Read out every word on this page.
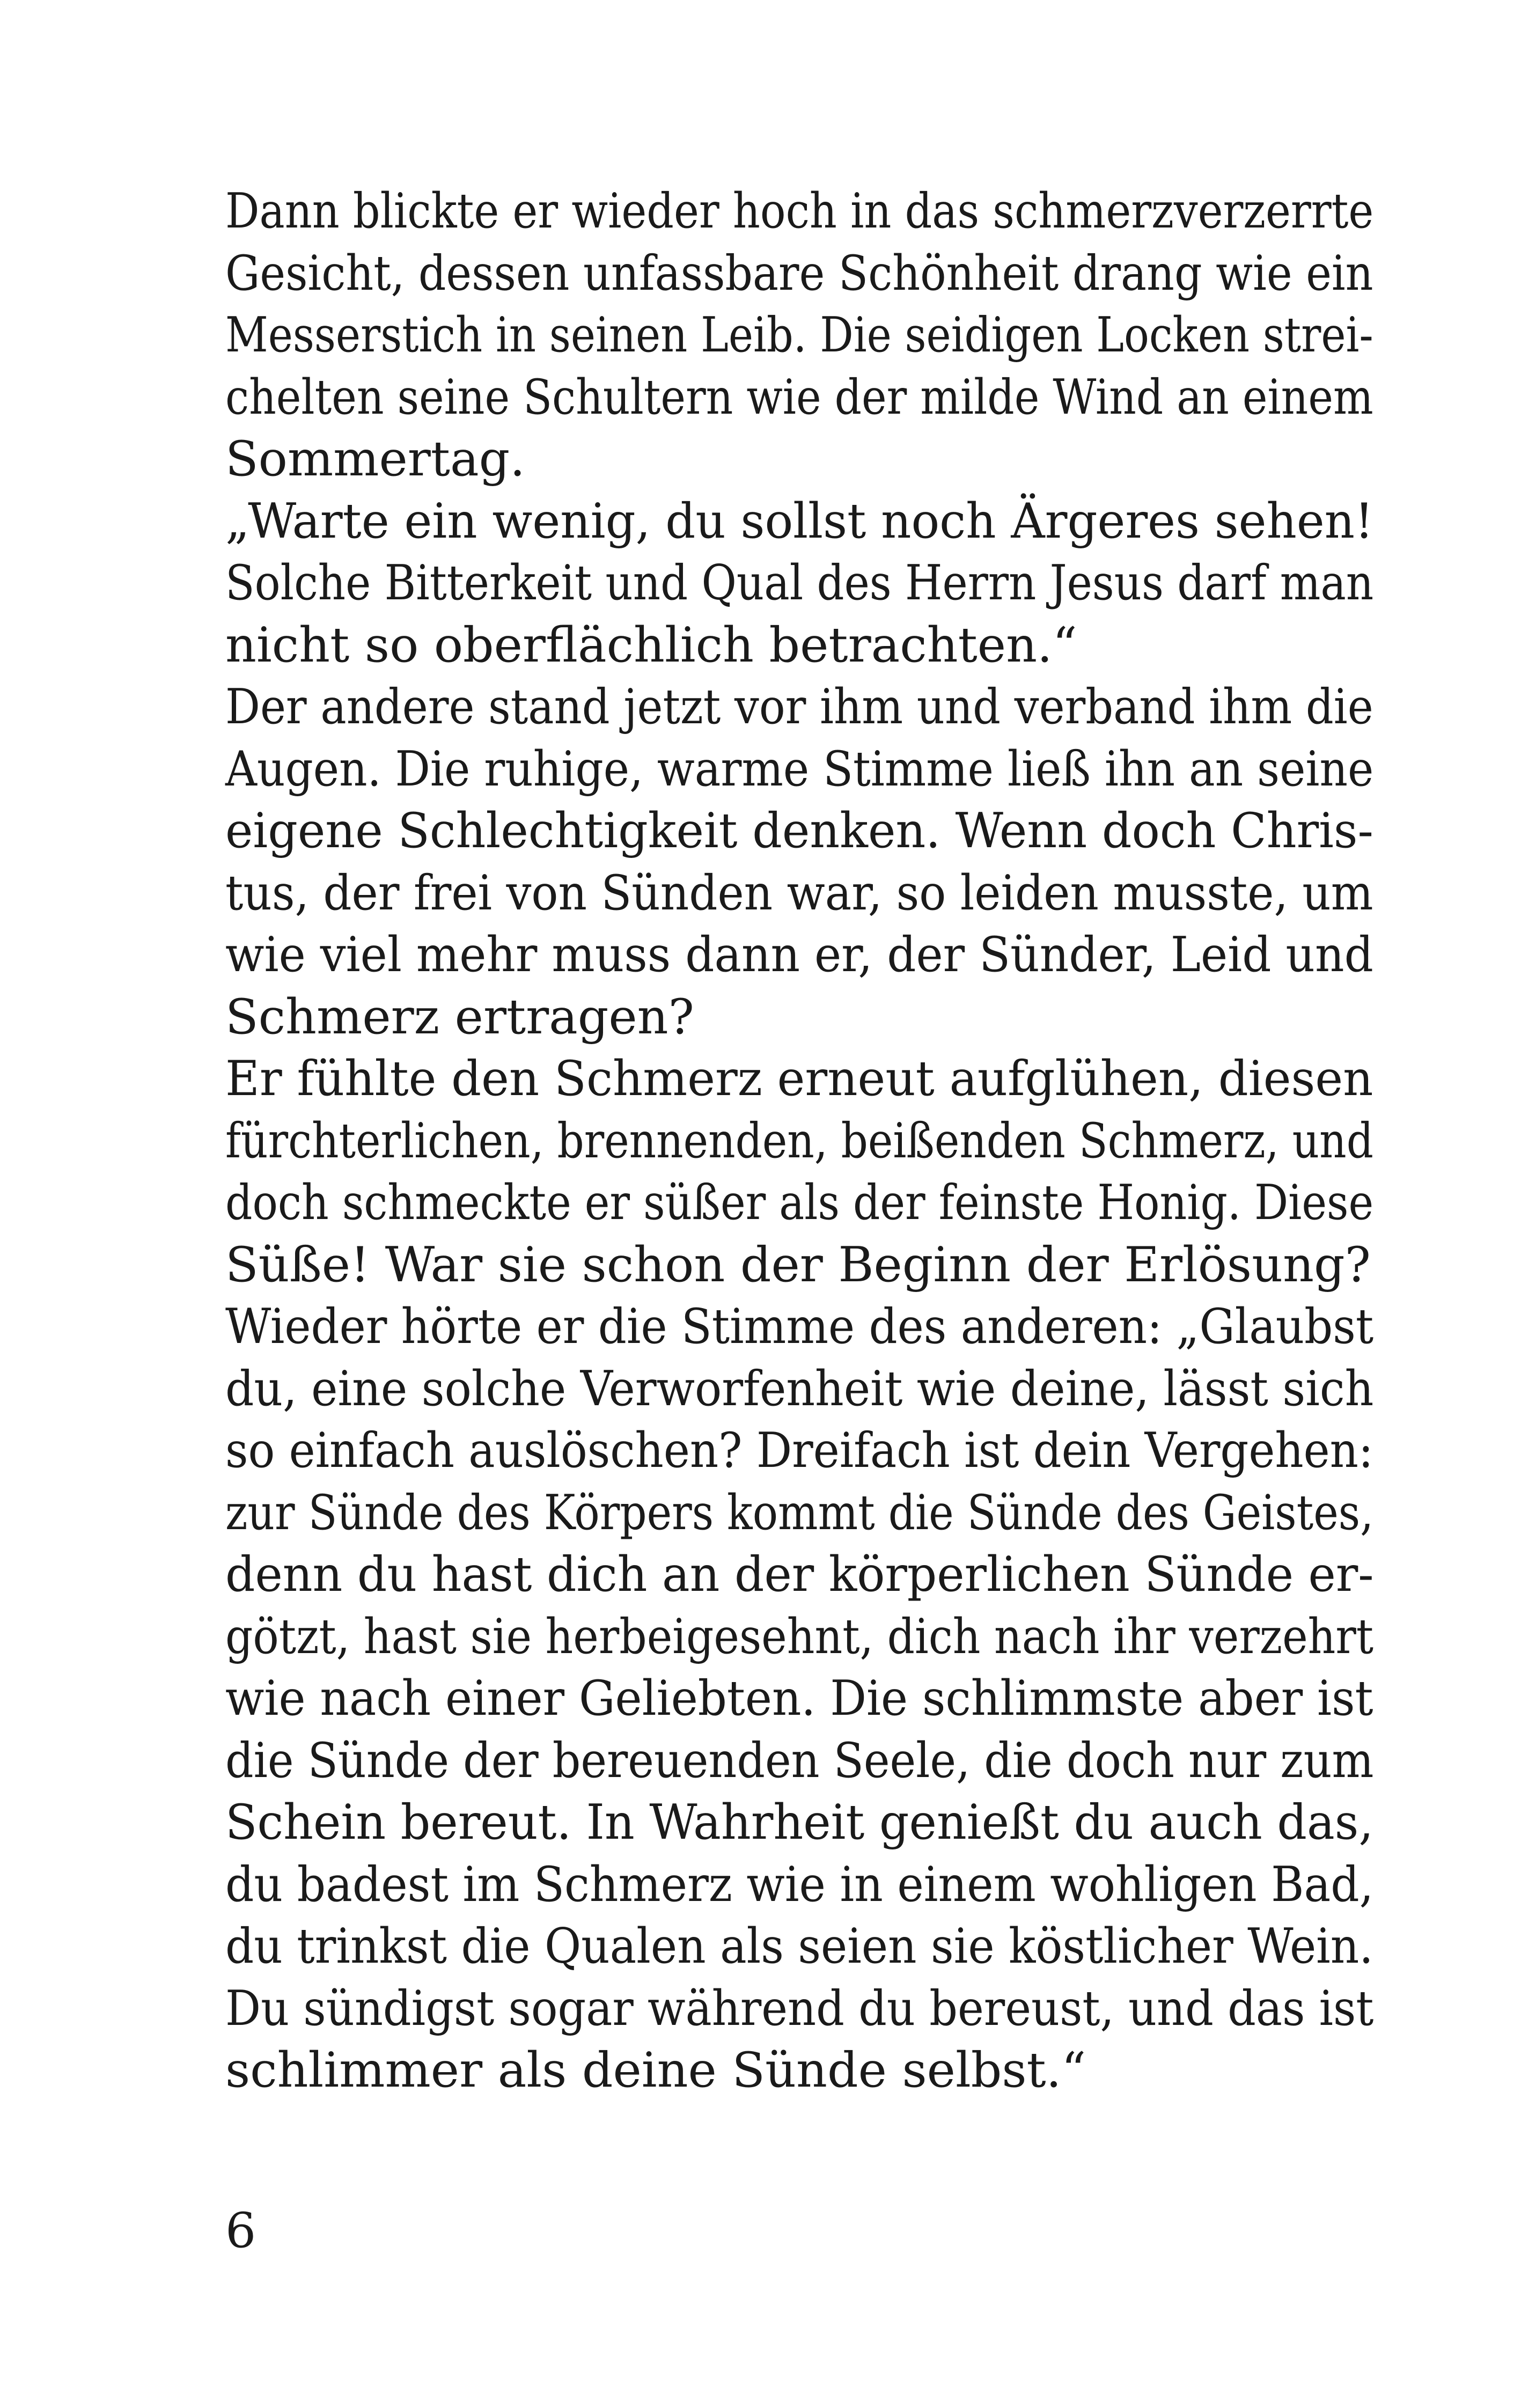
Dann blickte er wieder hoch in das schmerzverzerrte
Gesicht, dessen unfassbare Schönheit drang wie ein
Messerstich in seinen Leib. Die seidigen Locken strei-
chelten seine Schultern wie der milde Wind an einem
Sommertag.
„Warte ein wenig, du sollst noch Ärgeres sehen!
Solche Bitterkeit und Qual des Herrn Jesus darf man
nicht so oberflächlich betrachten.“
Der andere stand jetzt vor ihm und verband ihm die
Augen. Die ruhige, warme Stimme ließ ihn an seine
eigene Schlechtigkeit denken. Wenn doch Chris-
tus, der frei von Sünden war, so leiden musste, um
wie viel mehr muss dann er, der Sünder, Leid und
Schmerz ertragen?
Er fühlte den Schmerz erneut aufglühen, diesen
fürchterlichen, brennenden, beißenden Schmerz, und
doch schmeckte er süßer als der feinste Honig. Diese
Süße! War sie schon der Beginn der Erlösung?
Wieder hörte er die Stimme des anderen: „Glaubst
du, eine solche Verworfenheit wie deine, lässt sich
so einfach auslöschen? Dreifach ist dein Vergehen:
zur Sünde des Körpers kommt die Sünde des Geistes,
denn du hast dich an der körperlichen Sünde er-
götzt, hast sie herbeigesehnt, dich nach ihr verzehrt
wie nach einer Geliebten. Die schlimmste aber ist
die Sünde der bereuenden Seele, die doch nur zum
Schein bereut. In Wahrheit genießt du auch das,
du badest im Schmerz wie in einem wohligen Bad,
du trinkst die Qualen als seien sie köstlicher Wein.
Du sündigst sogar während du bereust, und das ist
schlimmer als deine Sünde selbst.“
6
